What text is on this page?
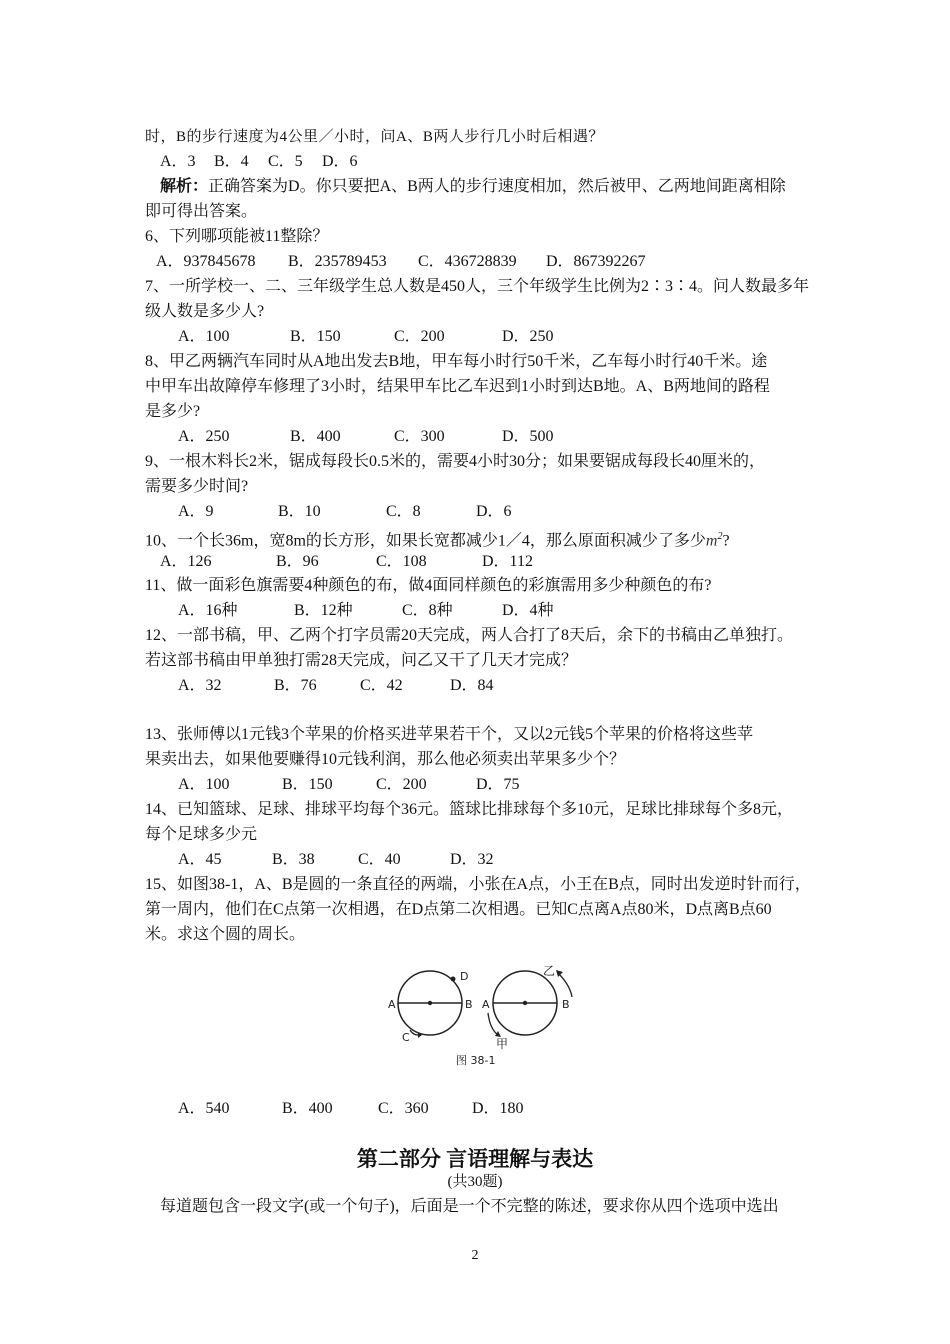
时，B的步行速度为4公里／小时，问A、B两人步行几小时后相遇？
A．3 B．4 C．5 D．6
解析：正确答案为D。你只要把A、B两人的步行速度相加，然后被甲、乙两地间距离相除
即可得出答案。
6、下列哪项能被11整除？
A．937845678 B．235789453 C．436728839 D．867392267
7、一所学校一、二、三年级学生总人数是450人，三个年级学生比例为2∶3∶4。问人数最多年
级人数是多少人?
A．100	B．150	C．200	D．250
8、甲乙两辆汽车同时从A地出发去B地，甲车每小时行50千米，乙车每小时行40千米。途
中甲车出故障停车修理了3小时，结果甲车比乙车迟到1小时到达B地。A、B两地间的路程
是多少?
A．250	B．400	C．300	D．500
9、一根木料长2米，锯成每段长0.5米的，需要4小时30分；如果要锯成每段长40厘米的，
需要多少时间?
A．9	B．10	C．8	D．6
10、一个长36m，宽8m的长方形，如果长宽都减少1／4，那么原面积减少了多少$m^2$?
A．126	B．96	C．108	D．112
11、做一面彩色旗需要4种颜色的布，做4面同样颜色的彩旗需用多少种颜色的布?
A．16种	B．12种	C．8种	D．4种
12、一部书稿，甲、乙两个打字员需20天完成，两人合打了8天后，余下的书稿由乙单独打。
若这部书稿由甲单独打需28天完成，问乙又干了几天才完成？
A．32	B．76	C．42	D．84
13、张师傅以1元钱3个苹果的价格买进苹果若干个，又以2元钱5个苹果的价格将这些苹
果卖出去，如果他要赚得10元钱利润，那么他必须卖出苹果多少个？
A．100	B．150	C．200	D．75
14、已知篮球、足球、排球平均每个36元。篮球比排球每个多10元，足球比排球每个多8元，
每个足球多少元
A．45	B．38	C．40	D．32
15、如图38-1，A、B是圆的一条直径的两端，小张在A点，小王在B点，同时出发逆时针而行，
第一周内，他们在C点第一次相遇，在D点第二次相遇。已知C点离A点80米，D点离B点60
米。求这个圆的周长。
A	B
C
D
A	B
甲
乙
图 38-1
A．540	B．400	C．360	D．180
第二部分 言语理解与表达
(共30题)
每道题包含一段文字(或一个句子)，后面是一个不完整的陈述，要求你从四个选项中选出
2
